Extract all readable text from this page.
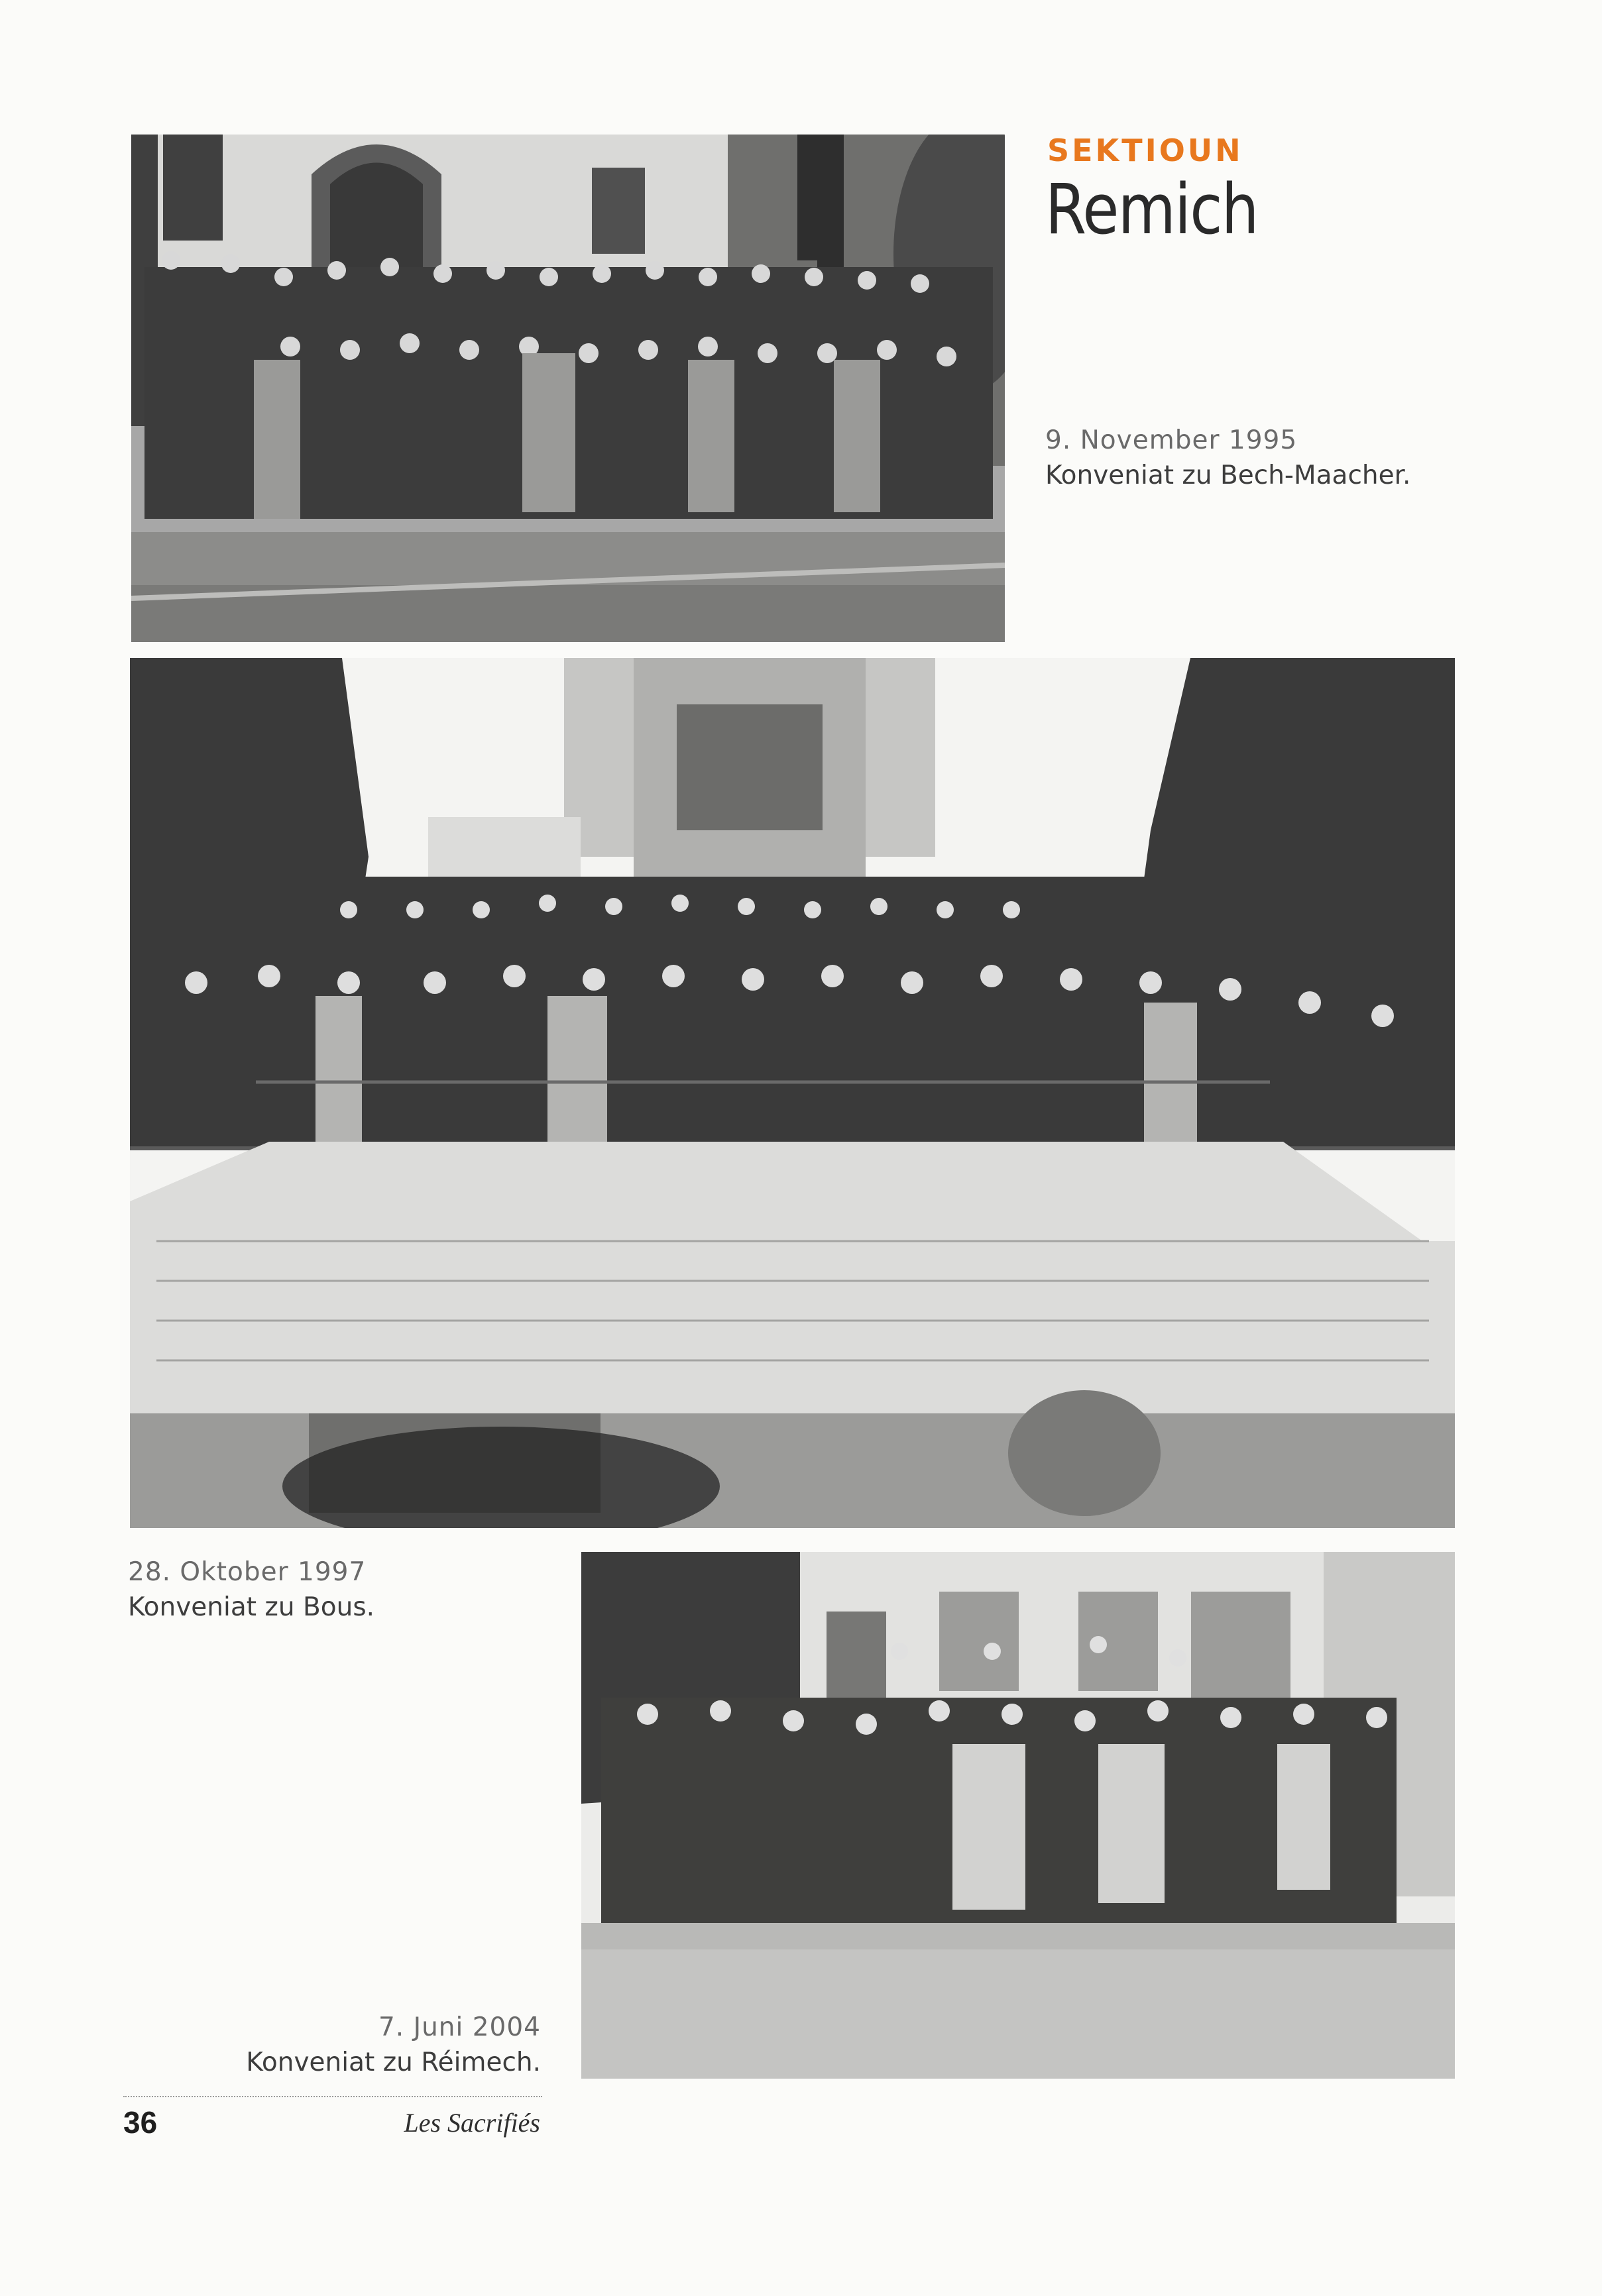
SEKTIOUN
Remich
9. November 1995
Konveniat zu Bech-Maacher.
28. Oktober 1997
Konveniat zu Bous.
7. Juni 2004
Konveniat zu Réimech.
36	Les Sacrifiés
